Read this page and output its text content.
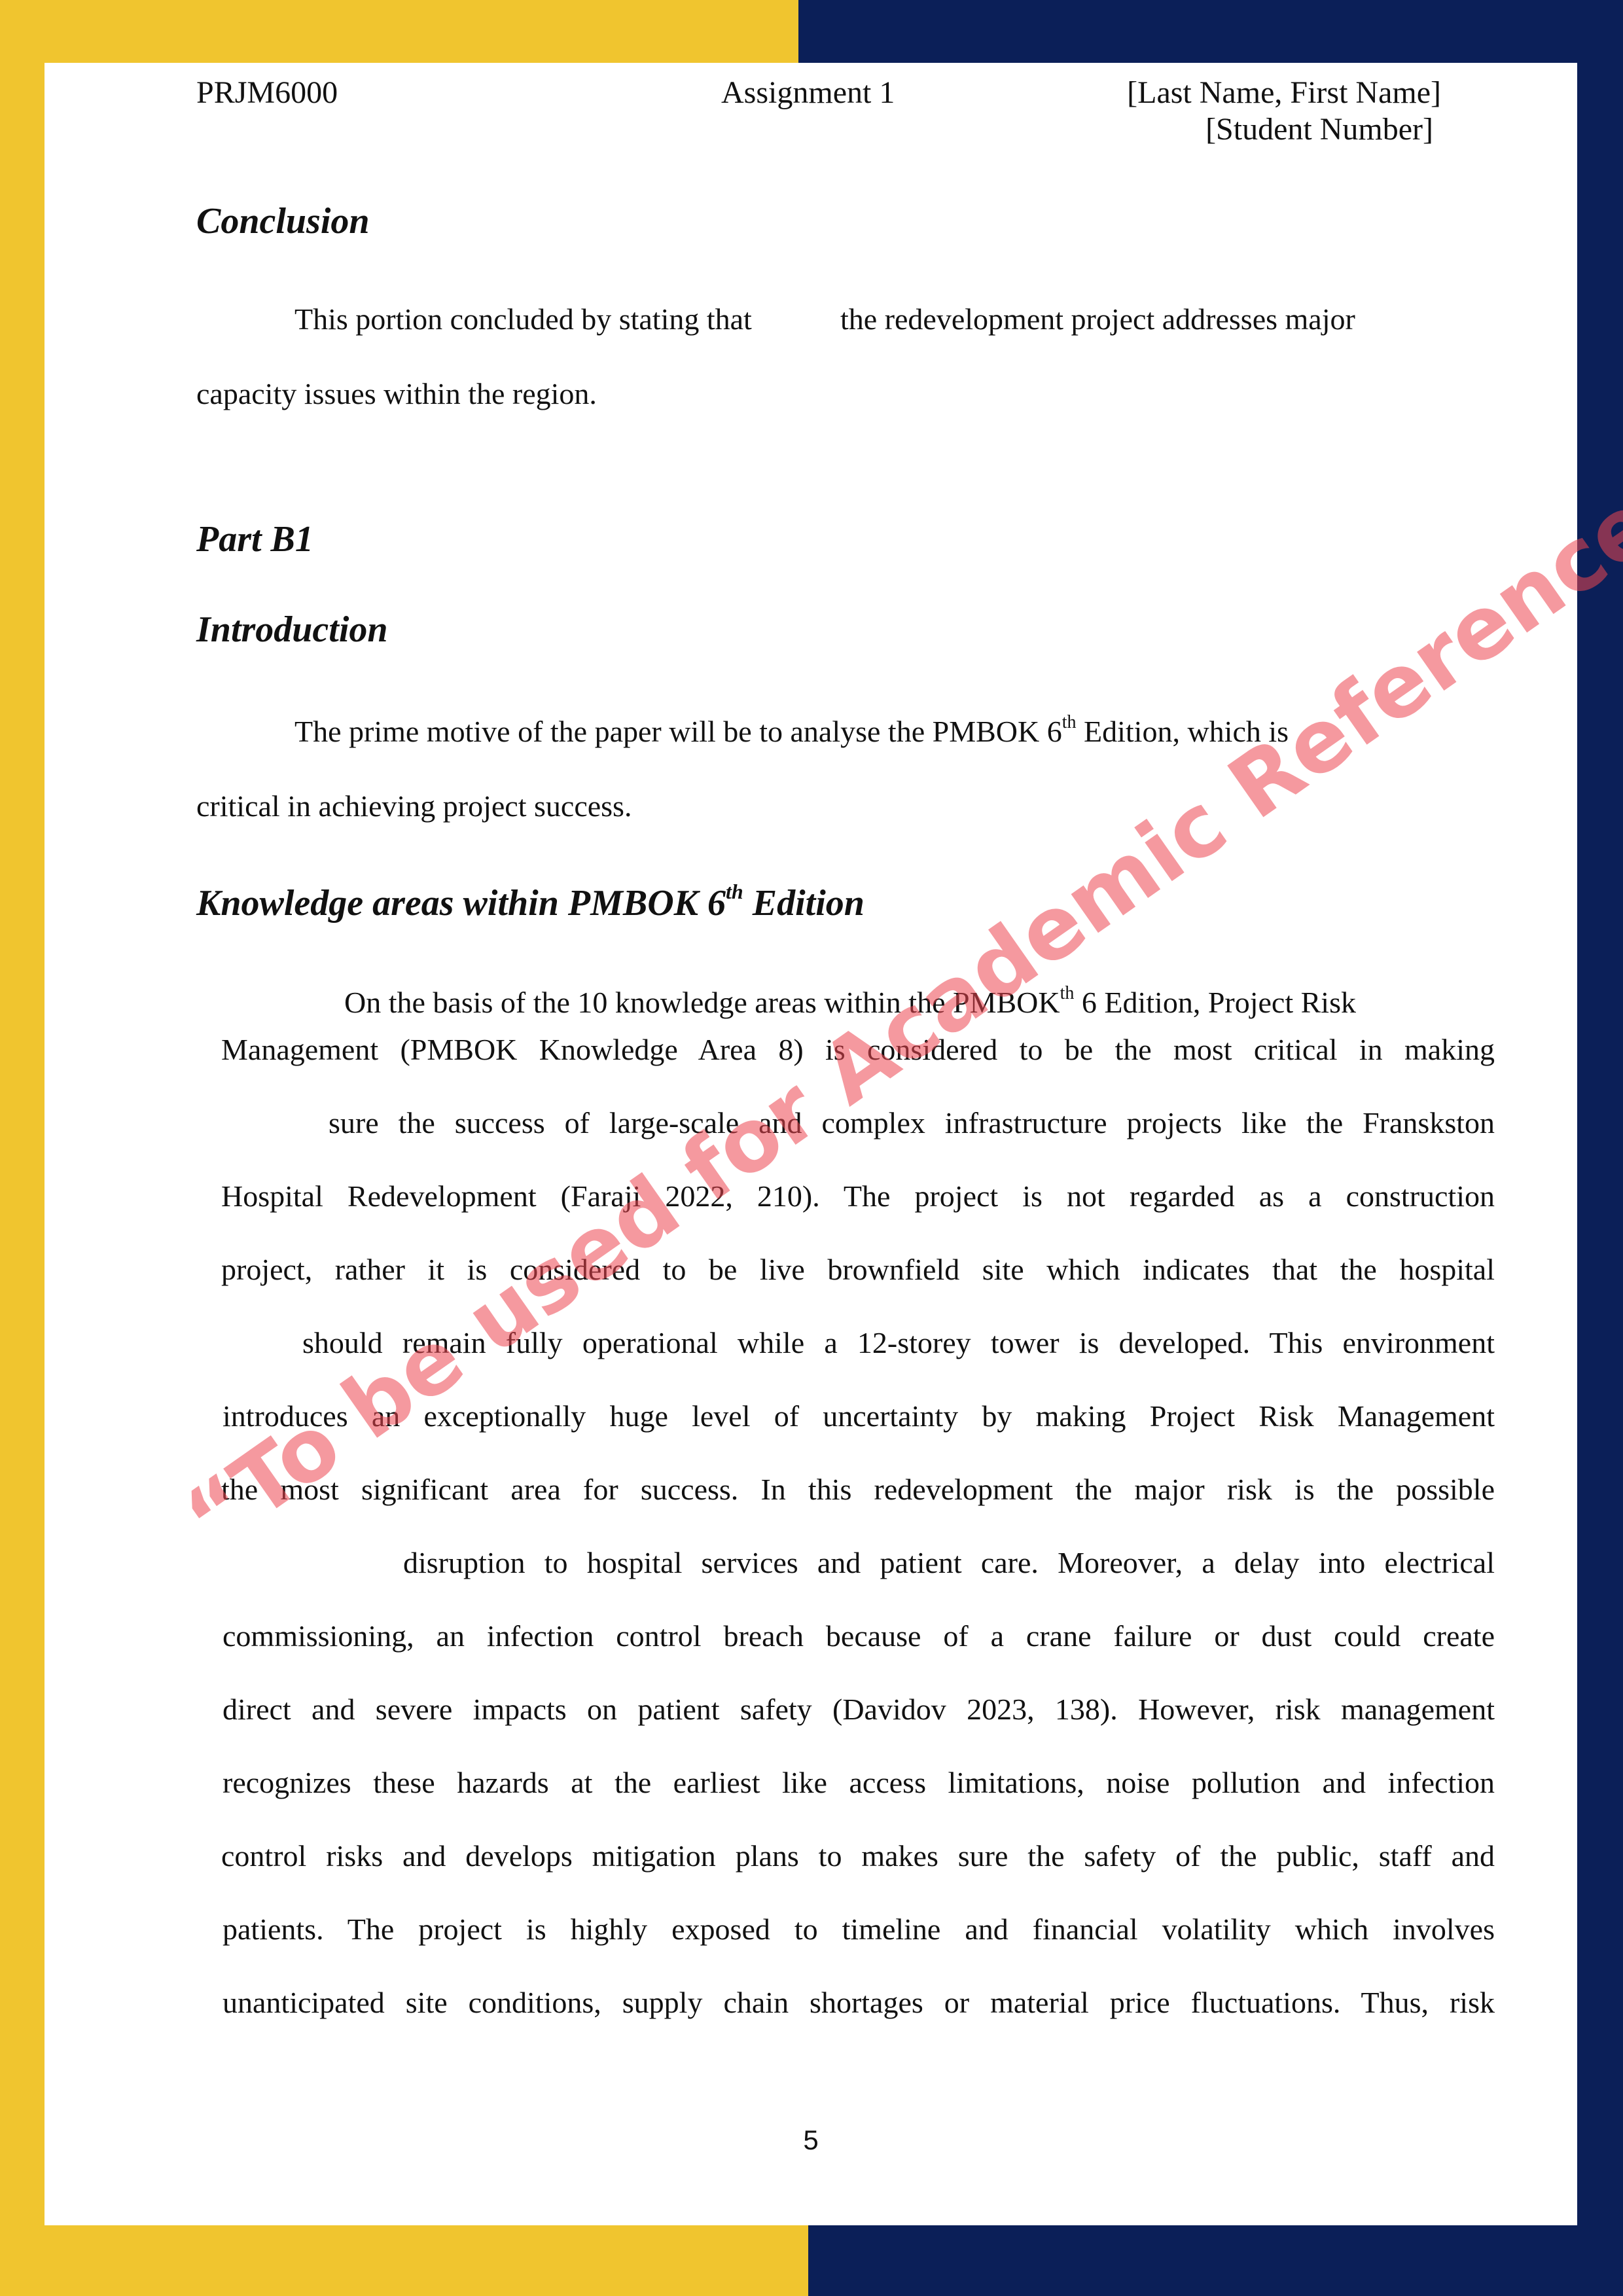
PRJM6000	Assignment 1	[Last Name, First Name]
[Student Number]
Conclusion
This portion concluded by stating that	the redevelopment project addresses major
capacity issues within the region.
Part B1
Introduction
The prime motive of the paper will be to analyse the PMBOK 6th Edition, which is
critical in achieving project success.
Knowledge areas within PMBOK 6th Edition
On the basis of the 10 knowledge areas within the $PMBOK^{th}$ 6 Edition, Project Risk
Management (PMBOK Knowledge Area 8) is considered to be the most critical in making
sure the success of large-scale and complex infrastructure projects like the Franskston
Hospital Redevelopment (Faraji 2022, 210). The project is not regarded as a construction
project, rather it is considered to be live brownfield site which indicates that the hospital
should remain fully operational while a 12-storey tower is developed. This environment
introduces an exceptionally huge level of uncertainty by making Project Risk Management
the most significant area for success. In this redevelopment the major risk is the possible
disruption to hospital services and patient care. Moreover, a delay into electrical
commissioning, an infection control breach because of a crane failure or dust could create
direct and severe impacts on patient safety (Davidov 2023, 138). However, risk management
recognizes these hazards at the earliest like access limitations, noise pollution and infection
control risks and develops mitigation plans to makes sure the safety of the public, staff and
patients. The project is highly exposed to timeline and financial volatility which involves
unanticipated site conditions, supply chain shortages or material price fluctuations. Thus, risk
5
“To be used for Academic
